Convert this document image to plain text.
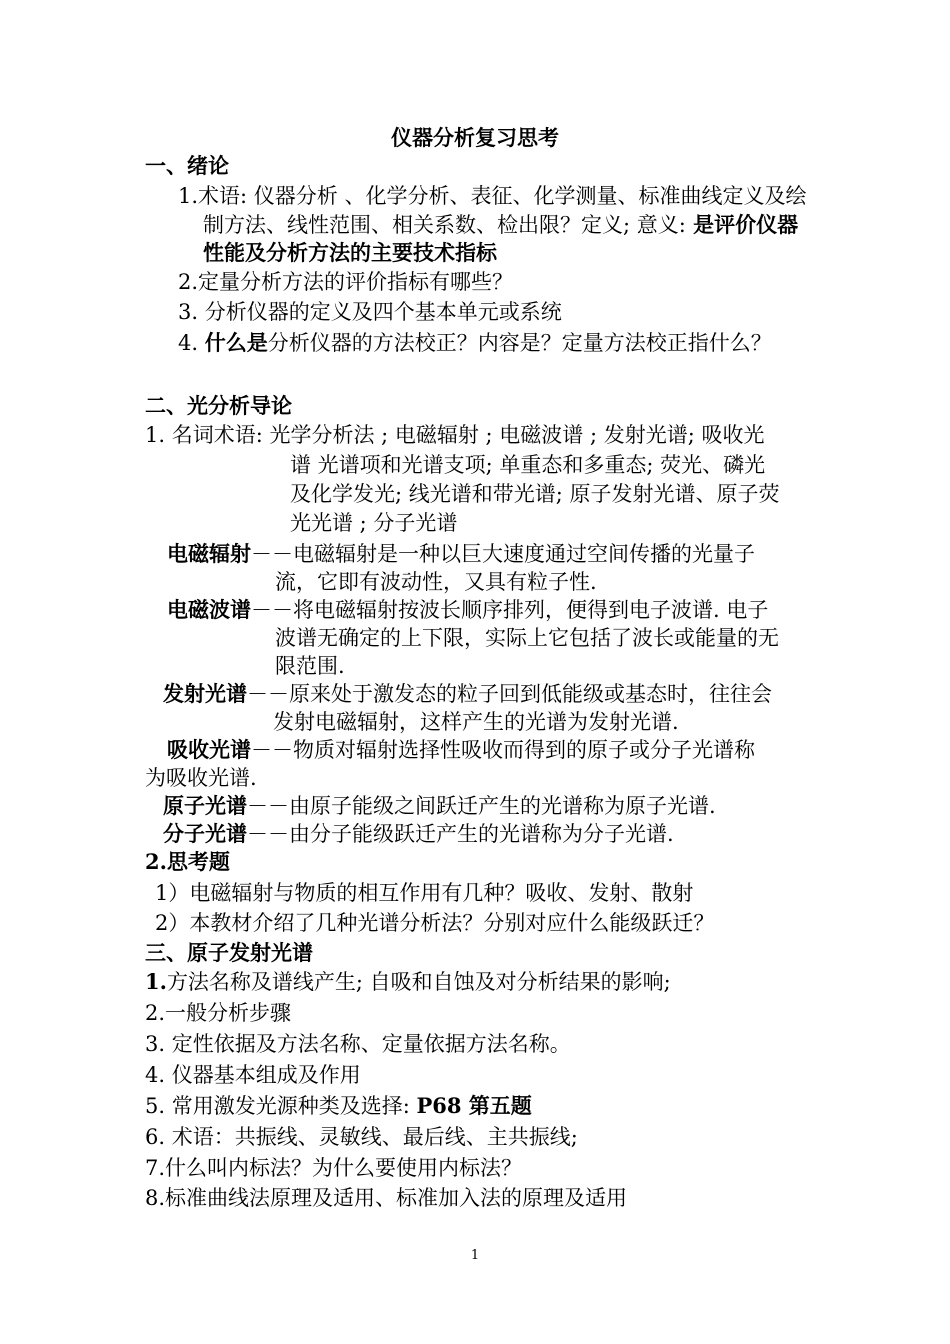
仪器分析复习思考
一、绪论
1.术语: 仪器分析 、化学分析、表征、化学测量、标准曲线定义及绘
制方法、线性范围、相关系数、检出限？定义; 意义: 是评价仪器
性能及分析方法的主要技术指标
2.定量分析方法的评价指标有哪些？
3. 分析仪器的定义及四个基本单元或系统
4. 什么是分析仪器的方法校正？内容是？定量方法校正指什么？
二、光分析导论
1. 名词术语: 光学分析法 ; 电磁辐射 ; 电磁波谱 ; 发射光谱; 吸收光
谱 光谱项和光谱支项; 单重态和多重态; 荧光、磷光
及化学发光; 线光谱和带光谱; 原子发射光谱、原子荧
光光谱 ; 分子光谱
电磁辐射－－电磁辐射是一种以巨大速度通过空间传播的光量子
流，它即有波动性，又具有粒子性.
电磁波谱－－将电磁辐射按波长顺序排列，便得到电子波谱. 电子
波谱无确定的上下限，实际上它包括了波长或能量的无
限范围.
发射光谱－－原来处于激发态的粒子回到低能级或基态时，往往会
发射电磁辐射，这样产生的光谱为发射光谱.
吸收光谱－－物质对辐射选择性吸收而得到的原子或分子光谱称
为吸收光谱.
原子光谱－－由原子能级之间跃迁产生的光谱称为原子光谱.
分子光谱－－由分子能级跃迁产生的光谱称为分子光谱.
2.思考题
1）电磁辐射与物质的相互作用有几种？吸收、发射、散射
2）本教材介绍了几种光谱分析法？分别对应什么能级跃迁？
三、原子发射光谱
1.方法名称及谱线产生; 自吸和自蚀及对分析结果的影响;
2.一般分析步骤
3. 定性依据及方法名称、定量依据方法名称。
4. 仪器基本组成及作用
5. 常用激发光源种类及选择: P68 第五题
6. 术语：共振线、灵敏线、最后线、主共振线;
7.什么叫内标法？为什么要使用内标法？
8.标准曲线法原理及适用、标准加入法的原理及适用
1
